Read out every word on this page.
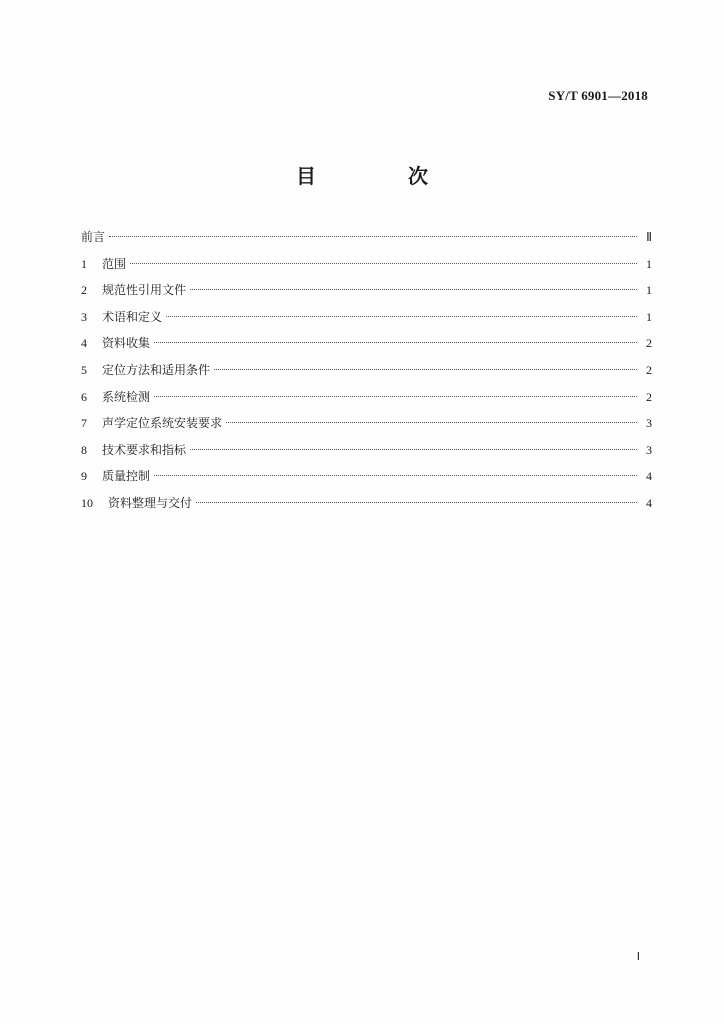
SY/T 6901—2018
目　次
前言	Ⅱ
1	范围	1
2	规范性引用文件	1
3	术语和定义	1
4	资料收集	2
5	定位方法和适用条件	2
6	系统检测	2
7	声学定位系统安装要求	3
8	技术要求和指标	3
9	质量控制	4
10	资料整理与交付	4
Ⅰ
